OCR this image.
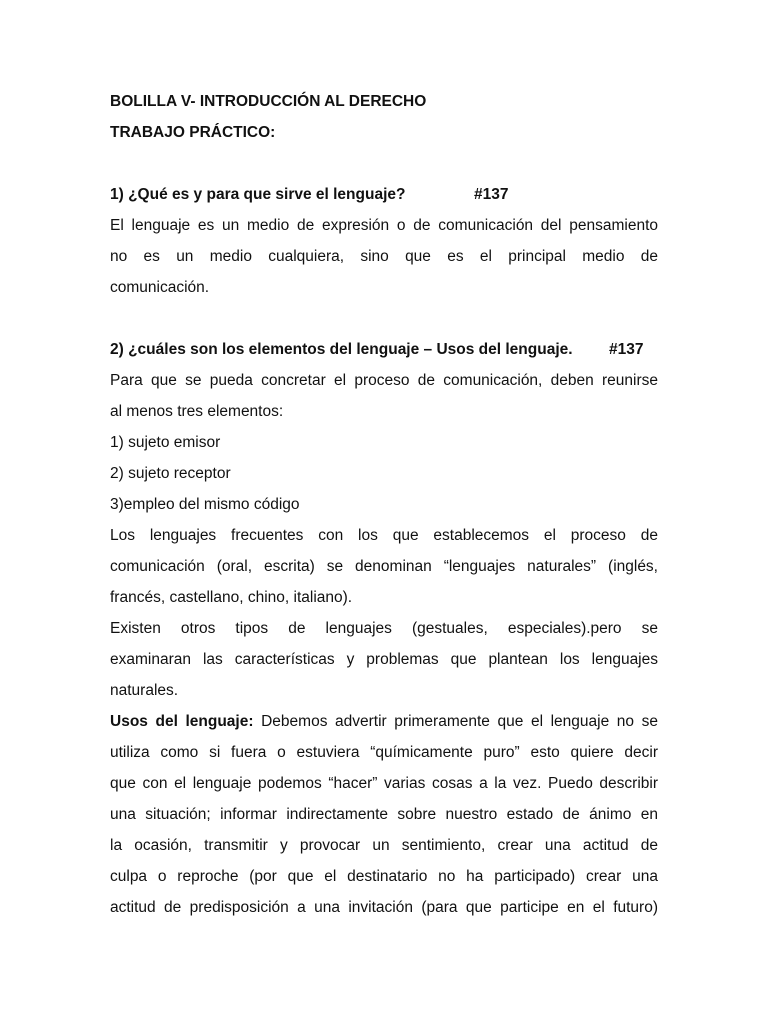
BOLILLA V- INTRODUCCIÓN AL DERECHO
TRABAJO PRÁCTICO:
1) ¿Qué es y para que sirve el lenguaje?	#137
El lenguaje es un medio de expresión o de comunicación del pensamiento
no es un medio cualquiera, sino que es el principal medio de
comunicación.
2) ¿cuáles son los elementos del lenguaje – Usos del lenguaje. #137
Para que se pueda concretar el proceso de comunicación, deben reunirse
al menos tres elementos:
1) sujeto emisor
2) sujeto receptor
3)empleo del mismo código
Los lenguajes frecuentes con los que establecemos el proceso de
comunicación (oral, escrita) se denominan “lenguajes naturales” (inglés,
francés, castellano, chino, italiano).
Existen otros tipos de lenguajes (gestuales, especiales).pero se
examinaran las características y problemas que plantean los lenguajes
naturales.
Usos del lenguaje: Debemos advertir primeramente que el lenguaje no se
utiliza como si fuera o estuviera “químicamente puro” esto quiere decir
que con el lenguaje podemos “hacer” varias cosas a la vez. Puedo describir
una situación; informar indirectamente sobre nuestro estado de ánimo en
la ocasión, transmitir y provocar un sentimiento, crear una actitud de
culpa o reproche (por que el destinatario no ha participado) crear una
actitud de predisposición a una invitación (para que participe en el futuro)
